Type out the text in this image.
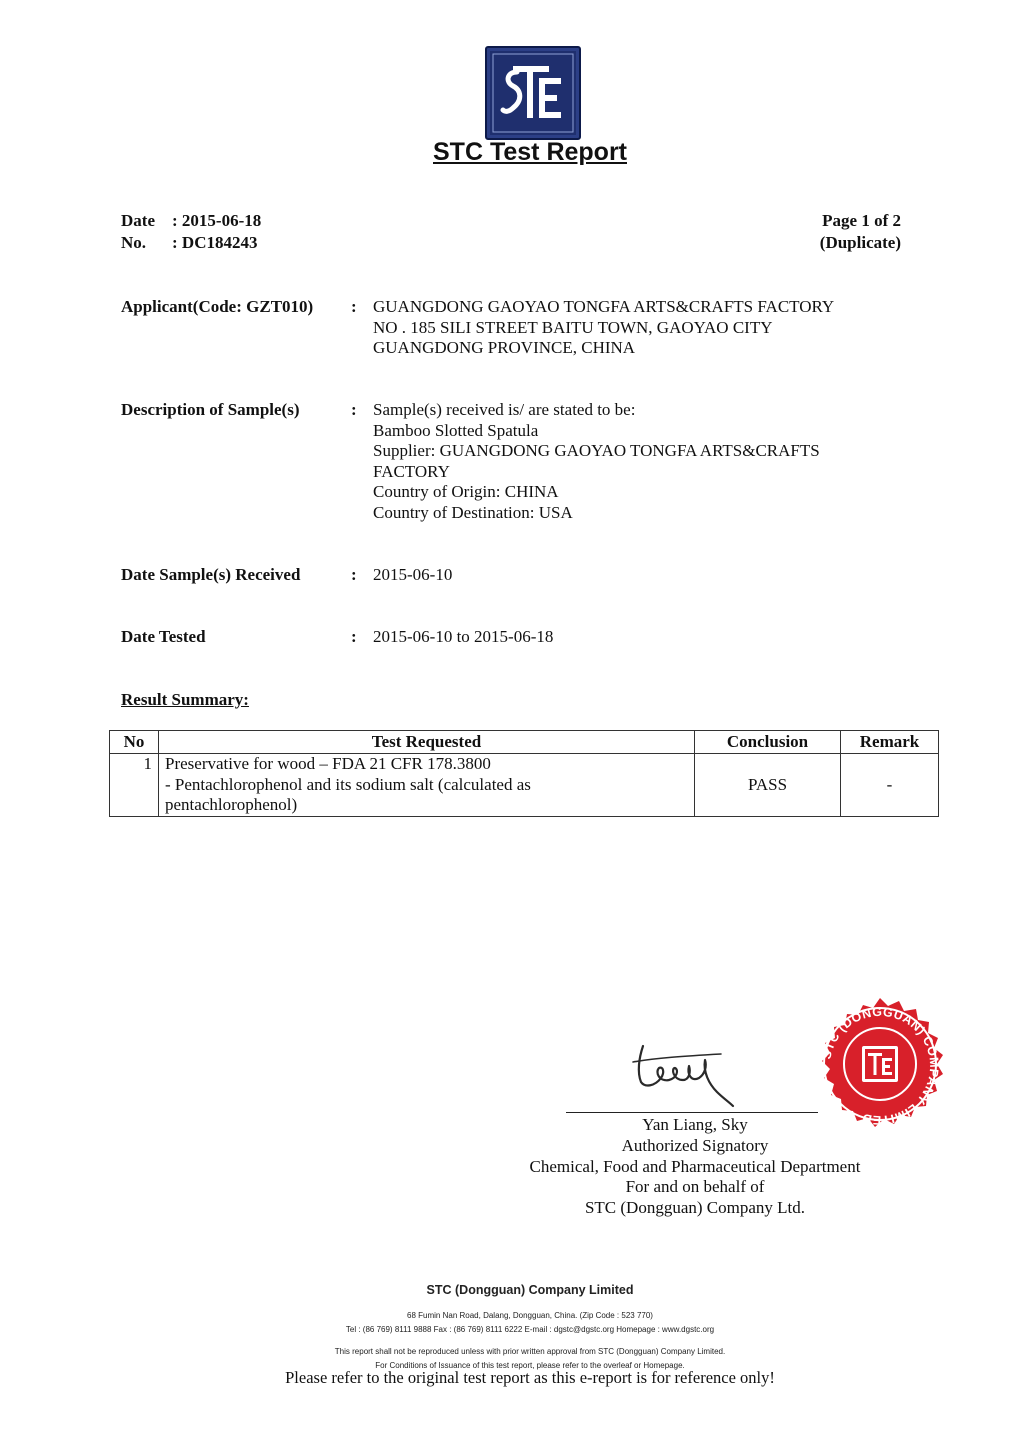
STC Test Report
Date : 2015-06-18
No. : DC184243
Page 1 of 2
(Duplicate)
Applicant(Code: GZT010) : GUANGDONG GAOYAO TONGFA ARTS&CRAFTS FACTORY
NO . 185 SILI STREET BAITU TOWN, GAOYAO CITY
GUANGDONG PROVINCE, CHINA
Description of Sample(s)	: Sample(s) received is/ are stated to be:
Bamboo Slotted Spatula
Supplier: GUANGDONG GAOYAO TONGFA ARTS&CRAFTS
FACTORY
Country of Origin: CHINA
Country of Destination: USA
Date Sample(s) Received	: 2015-06-10
Date Tested	: 2015-06-10 to 2015-06-18
Result Summary:
No	Test Requested	Conclusion	Remark
1	Preservative for wood – FDA 21 CFR 178.3800
- Pentachlorophenol and its sodium salt (calculated as
pentachlorophenol)	PASS	-
Yan Liang, Sky
Authorized Signatory
Chemical, Food and Pharmaceutical Department
For and on behalf of
STC (Dongguan) Company Ltd.
STC (DONGGUAN) COMPANY LIMITED
STC (Dongguan) Company Limited
68 Fumin Nan Road, Dalang, Dongguan, China. (Zip Code : 523 770)
Tel : (86 769) 8111 9888 Fax : (86 769) 8111 6222 E-mail : dgstc@dgstc.org Homepage : www.dgstc.org
This report shall not be reproduced unless with prior written approval from STC (Dongguan) Company Limited.
For Conditions of Issuance of this test report, please refer to the overleaf or Homepage.
Please refer to the original test report as this e-report is for reference only!
